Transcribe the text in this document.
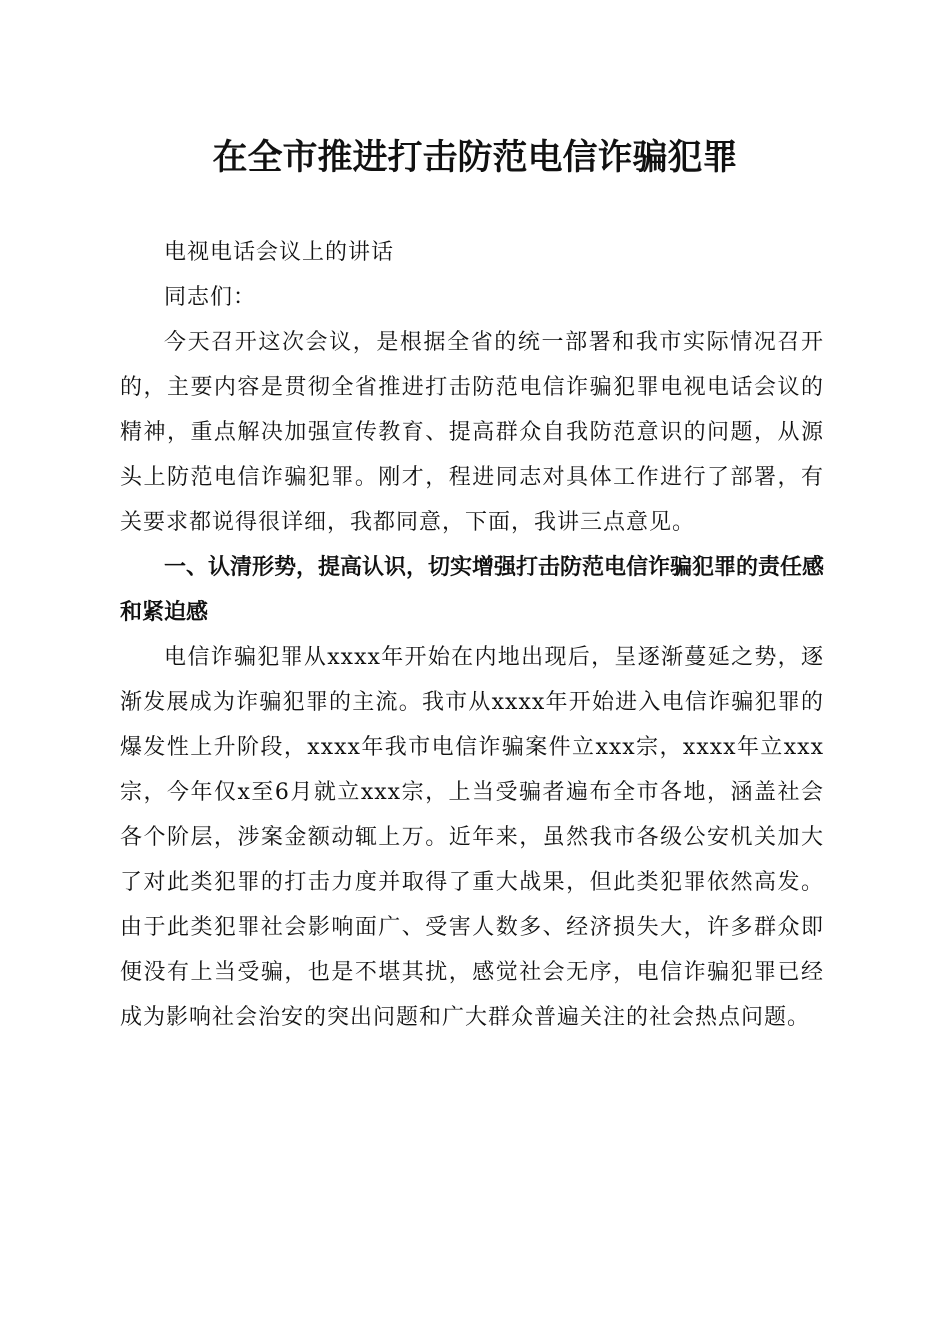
在全市推进打击防范电信诈骗犯罪

电视电话会议上的讲话

同志们：

今天召开这次会议，是根据全省的统一部署和我市实际情况召开的，主要内容是贯彻全省推进打击防范电信诈骗犯罪电视电话会议的精神，重点解决加强宣传教育、提高群众自我防范意识的问题，从源头上防范电信诈骗犯罪。刚才，程进同志对具体工作进行了部署，有关要求都说得很详细，我都同意，下面，我讲三点意见。

一、认清形势，提高认识，切实增强打击防范电信诈骗犯罪的责任感和紧迫感

电信诈骗犯罪从xxxx年开始在内地出现后，呈逐渐蔓延之势，逐渐发展成为诈骗犯罪的主流。我市从xxxx年开始进入电信诈骗犯罪的爆发性上升阶段，xxxx年我市电信诈骗案件立xxx宗，xxxx年立xxx宗，今年仅x至6月就立xxx宗，上当受骗者遍布全市各地，涵盖社会各个阶层，涉案金额动辄上万。近年来，虽然我市各级公安机关加大了对此类犯罪的打击力度并取得了重大战果，但此类犯罪依然高发。由于此类犯罪社会影响面广、受害人数多、经济损失大，许多群众即便没有上当受骗，也是不堪其扰，感觉社会无序，电信诈骗犯罪已经成为影响社会治安的突出问题和广大群众普遍关注的社会热点问题。
